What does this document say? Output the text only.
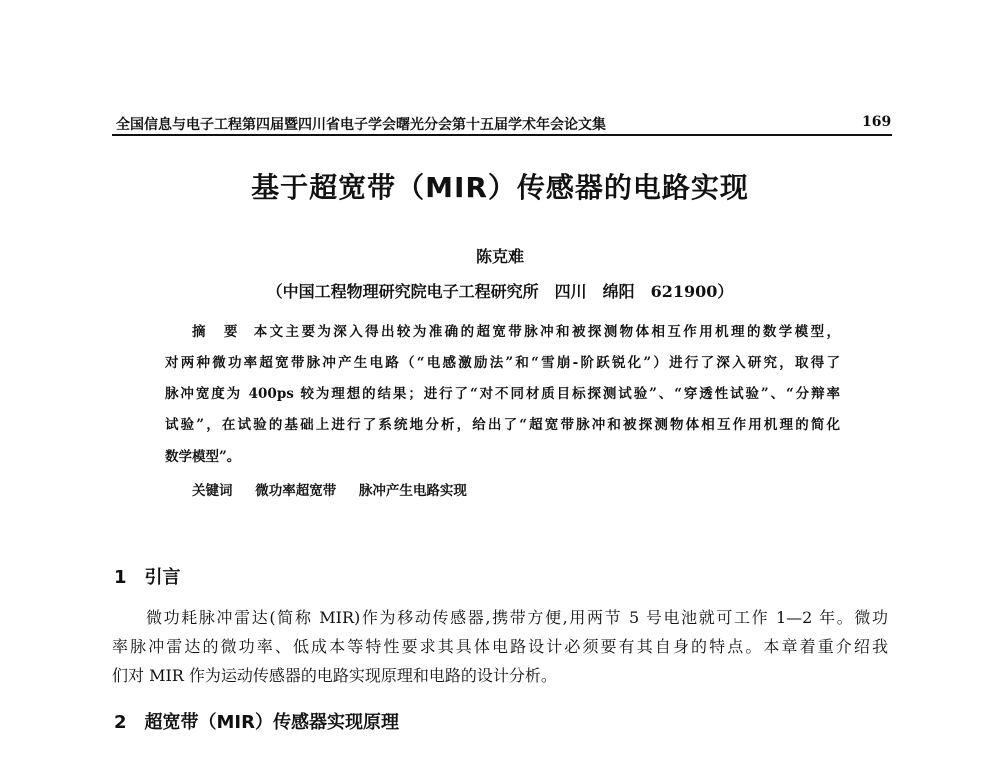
全国信息与电子工程第四届暨四川省电子学会曙光分会第十五届学术年会论文集	169
基于超宽带（MIR）传感器的电路实现
陈克难
（中国工程物理研究院电子工程研究所　四川　绵阳　621900）
摘　要 本文主要为深入得出较为准确的超宽带脉冲和被探测物体相互作用机理的数学模型，
对两种微功率超宽带脉冲产生电路（“电感激励法”和“雪崩-阶跃锐化”）进行了深入研究，取得了
脉冲宽度为 400ps 较为理想的结果；进行了“对不同材质目标探测试验”、“穿透性试验”、“分辩率
试验”，在试验的基础上进行了系统地分析，给出了“超宽带脉冲和被探测物体相互作用机理的简化
数学模型”。
关键词 微功率超宽带 脉冲产生电路实现
1　引言
微功耗脉冲雷达(简称 MIR)作为移动传感器,携带方便,用两节 5 号电池就可工作 1—2 年。微功
率脉冲雷达的微功率、低成本等特性要求其具体电路设计必须要有其自身的特点。本章着重介绍我
们对 MIR 作为运动传感器的电路实现原理和电路的设计分析。
2　超宽带（MIR）传感器实现原理
